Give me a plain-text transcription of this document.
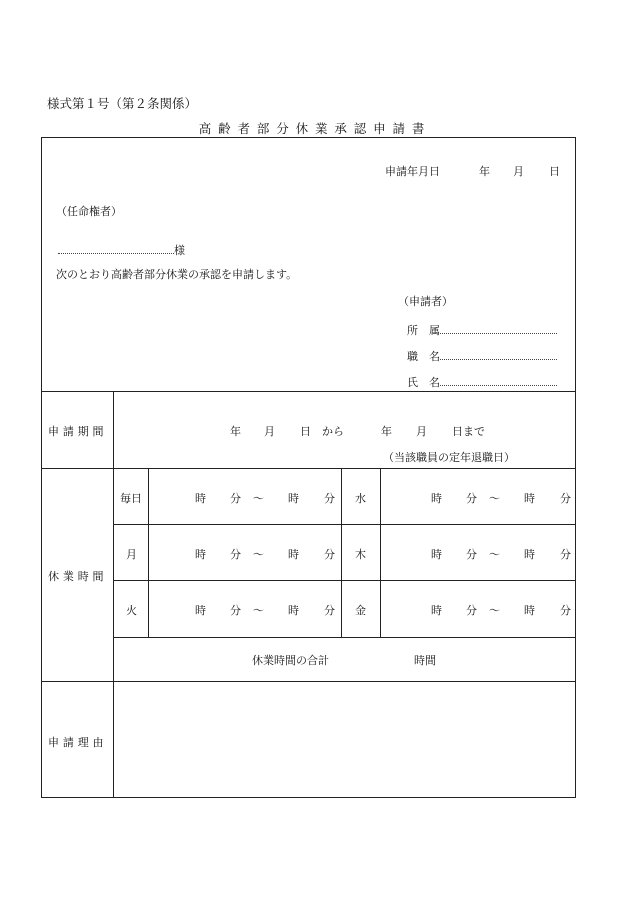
様式第１号（第２条関係）
高齢者部分休業承認申請書
申請年月日	年 月 日
（任命権者）
様
次のとおり高齢者部分休業の承認を申請します。
（申請者）
所　属
職　名
氏　名
申請期間	年 月 日 から	年 月 日まで
（当該職員の定年退職日）
休業時間
毎日	時 分 ～ 時 分 水	時 分 ～ 時 分
月	時 分 ～ 時 分 木	時 分 ～ 時 分
火	時 分 ～ 時 分 金	時 分 ～ 時 分
休業時間の合計	時間
申請理由
